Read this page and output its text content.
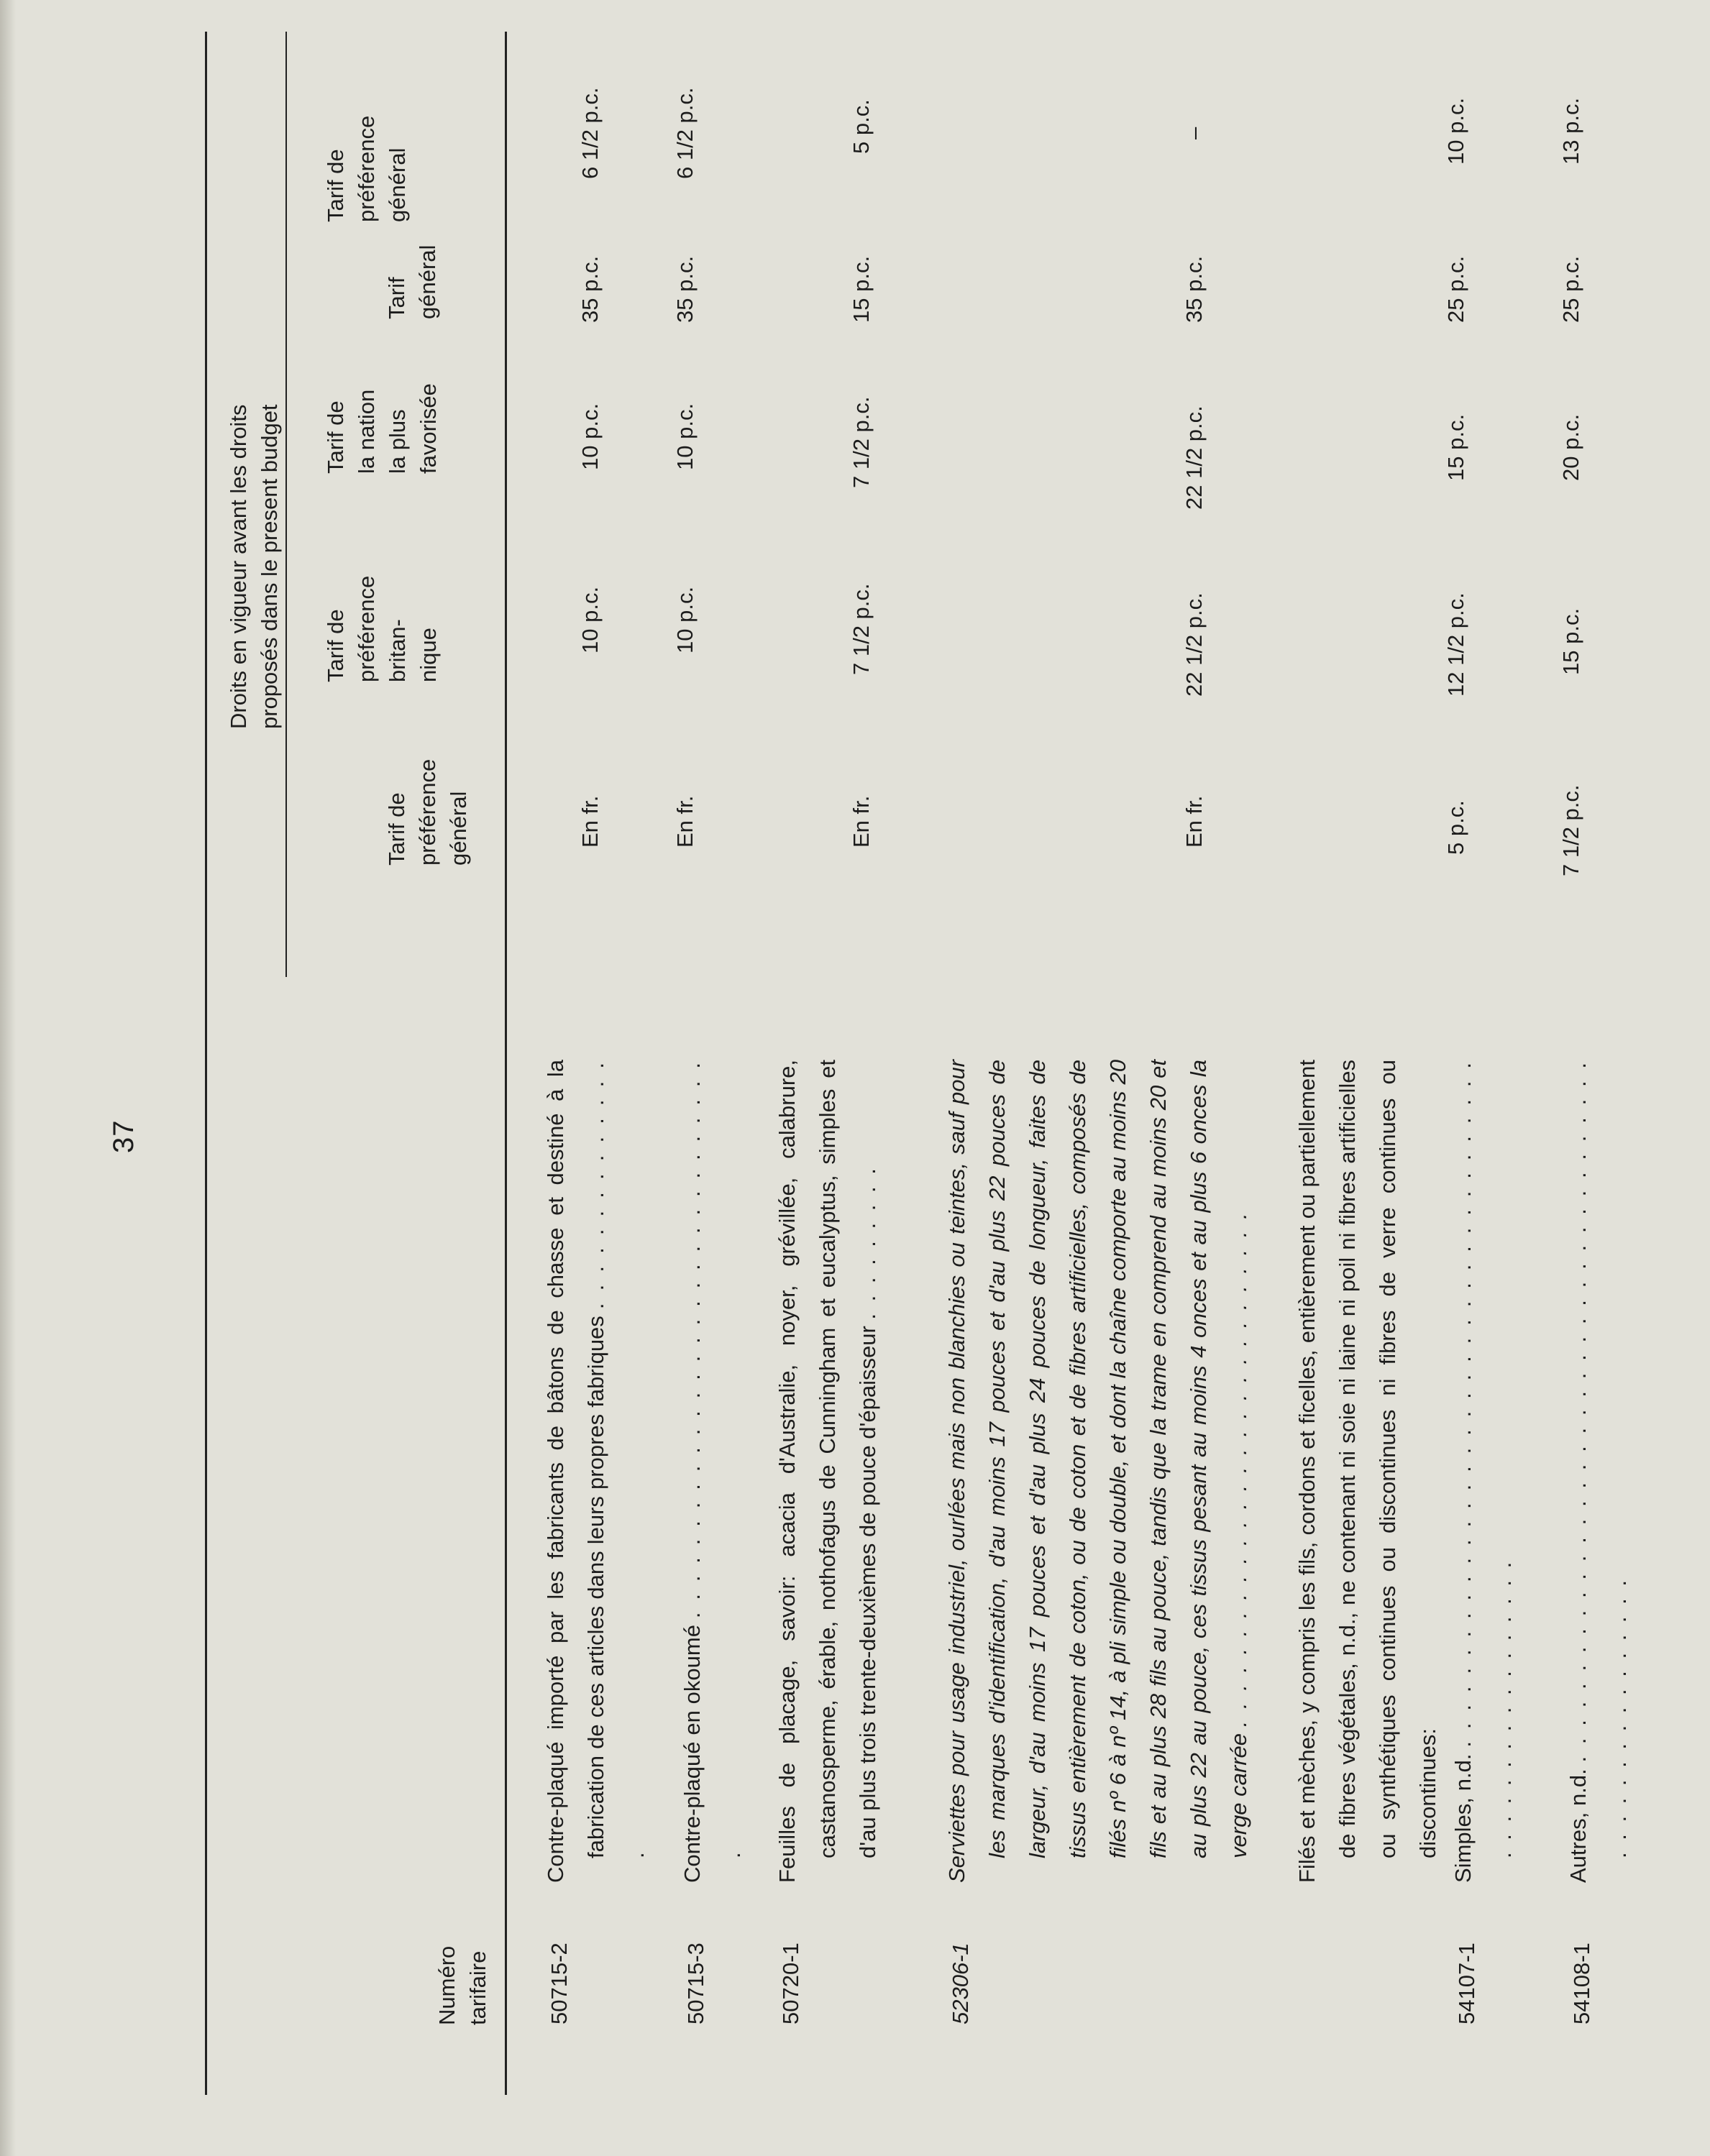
37
Numéro tarifaire
Tarif de préférence général
Droits en vigueur avant les droits proposés dans le present budget Tarif de préférence britan- nique
Tarif de la nation la plus favorisée
Tarif général
Tarif de préférence général
50715-2

Contre-plaqué importé par les fabricants de bâtons de chasse et destiné à la fabrication de ces articles dans leurs propres fabriques . . . . . . . . . . . . . . .

En fr.
10 p.c.
10 p.c.
35 p.c.
6 1/2 p.c.
50715-3

Contre-plaqué en okoumé . . . . . . . . . . . . . . . . . . . . . . . . . . . . . . . .

En fr.
10 p.c.
10 p.c.
35 p.c.
6 1/2 p.c.
50720-1

Feuilles de placage, savoir: acacia d'Australie, noyer, grévillée, calabrure, castanosperme, érable, nothofagus de Cunningham et eucalyptus, simples et d'au plus trois trente-deuxièmes de pouce d'épaisseur . . . . . . . . .

En fr.
7 1/2 p.c.
7 1/2 p.c.
15 p.c.
5 p.c.
52306-1

Serviettes pour usage industriel, ourlées mais non blanchies ou teintes, sauf pour les marques d'identification, d'au moins 17 pouces et d'au plus 22 pouces de largeur, d'au moins 17 pouces et d'au plus 24 pouces de longueur, faites de tissus entièrement de coton, ou de coton et de fibres artificielles, composés de filés nº 6 à nº 14, à pli simple ou double, et dont la chaîne comporte au moins 20 fils et au plus 28 fils au pouce, tandis que la trame en comprend au moins 20 et au plus 22 au pouce, ces tissus pesant au moins 4 onces et au plus 6 onces la verge carrée . . . . . . . . . . . . . . . . . . . . . . . . . . . . .

En fr.
22 1/2 p.c.
22 1/2 p.c.
35 p.c.
–

Filés et mèches, y compris les fils, cordons et ficelles, entièrement ou partiellement de fibres végétales, n.d., ne contenant ni soie ni laine ni poil ni fibres artificielles ou synthétiques continues ou discontinues ni fibres de verre continues ou discontinues:

54107-1

Simples, n.d. . . . . . . . . . . . . . . . . . . . . . . . . . . . . . . . . . . . . . . . . . . . . . . . . . . . . . . .

5 p.c.
12 1/2 p.c.
15 p.c.
25 p.c.
10 p.c.
54108-1

Autres, n.d. . . . . . . . . . . . . . . . . . . . . . . . . . . . . . . . . . . . . . . . . . . . . . . . . . . . . . . .

7 1/2 p.c.
15 p.c.
20 p.c.
25 p.c.
13 p.c.
